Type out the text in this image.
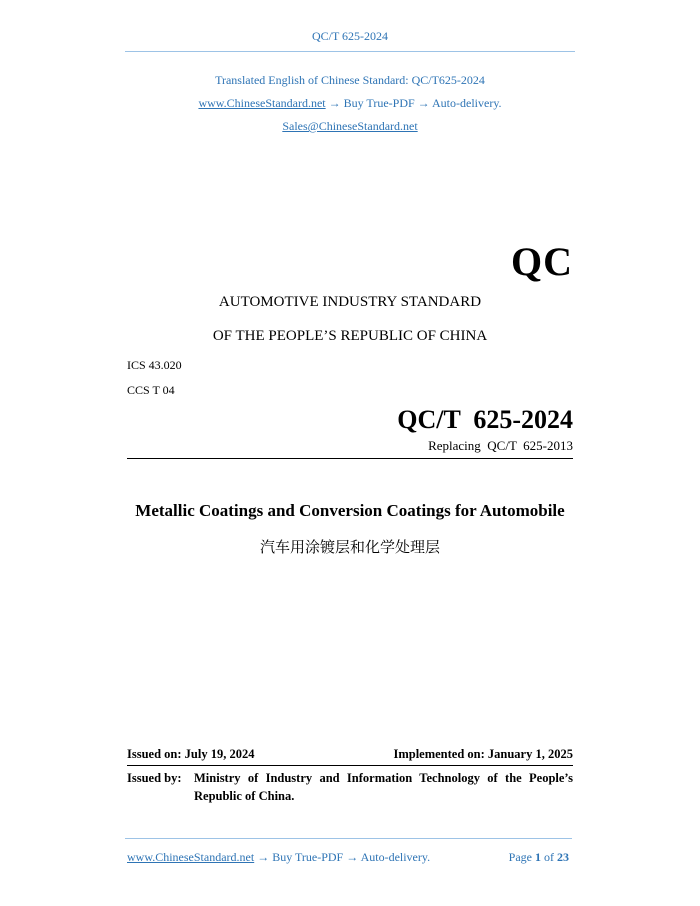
QC/T 625-2024
Translated English of Chinese Standard: QC/T625-2024
www.ChineseStandard.net → Buy True-PDF → Auto-delivery.
Sales@ChineseStandard.net
QC
AUTOMOTIVE INDUSTRY STANDARD
OF THE PEOPLE’S REPUBLIC OF CHINA
ICS 43.020
CCS T 04
QC/T  625-2024
Replacing  QC/T  625-2013
Metallic Coatings and Conversion Coatings for Automobile
汽车用涂镀层和化学处理层
Issued on: July 19, 2024	Implemented on: January 1, 2025
Issued by: Ministry of Industry and Information Technology of the People’s
Republic of China.
www.ChineseStandard.net → Buy True-PDF → Auto-delivery.	Page 1 of 23
